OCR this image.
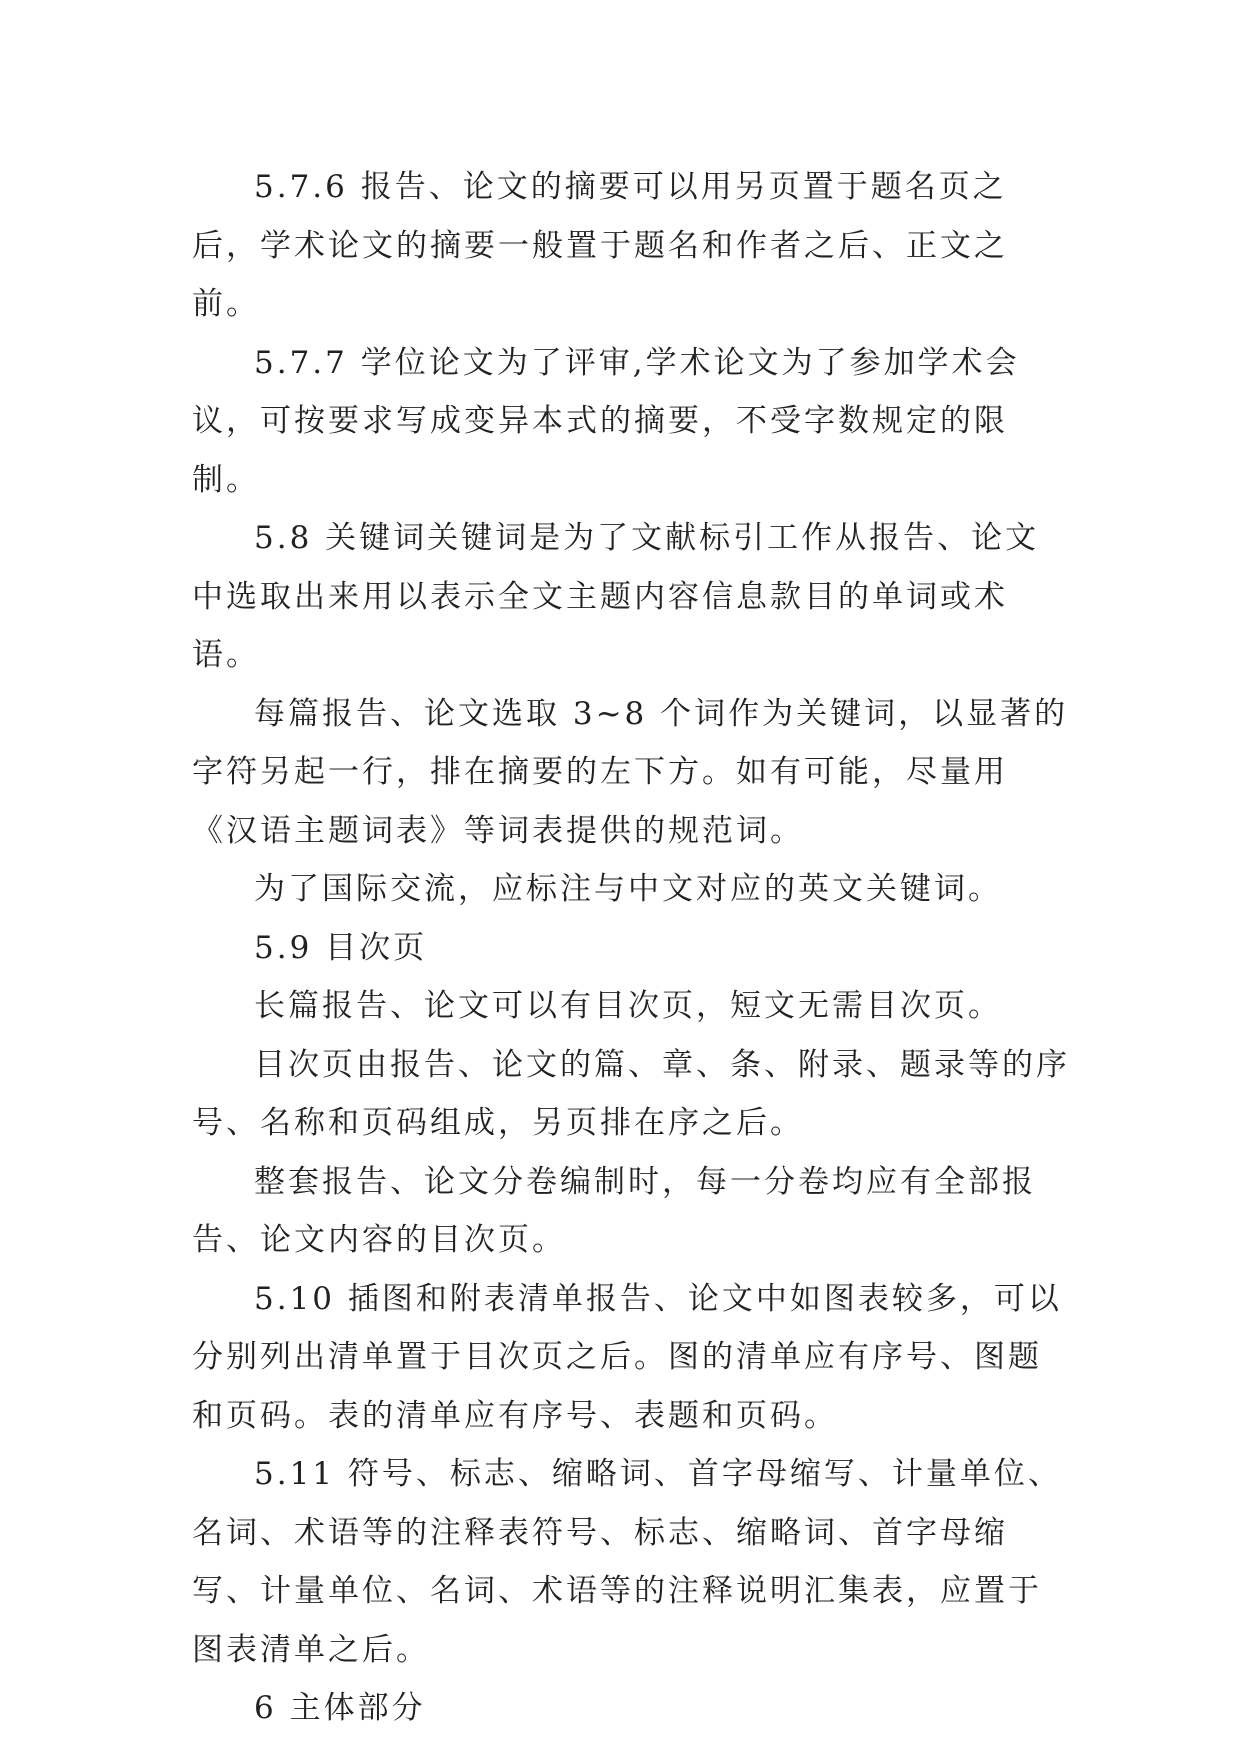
5.7.6 报告、论文的摘要可以用另页置于题名页之后，学术论文的摘要一般置于题名和作者之后、正文之前。

5.7.7 学位论文为了评审,学术论文为了参加学术会议，可按要求写成变异本式的摘要，不受字数规定的限制。

5.8 关键词关键词是为了文献标引工作从报告、论文中选取出来用以表示全文主题内容信息款目的单词或术语。

每篇报告、论文选取 3~8 个词作为关键词，以显著的字符另起一行，排在摘要的左下方。如有可能，尽量用《汉语主题词表》等词表提供的规范词。

为了国际交流，应标注与中文对应的英文关键词。

5.9 目次页

长篇报告、论文可以有目次页，短文无需目次页。

目次页由报告、论文的篇、章、条、附录、题录等的序号、名称和页码组成，另页排在序之后。

整套报告、论文分卷编制时，每一分卷均应有全部报告、论文内容的目次页。

5.10 插图和附表清单报告、论文中如图表较多，可以分别列出清单置于目次页之后。图的清单应有序号、图题和页码。表的清单应有序号、表题和页码。

5.11 符号、标志、缩略词、首字母缩写、计量单位、名词、术语等的注释表符号、标志、缩略词、首字母缩写、计量单位、名词、术语等的注释说明汇集表，应置于图表清单之后。

6 主体部分
